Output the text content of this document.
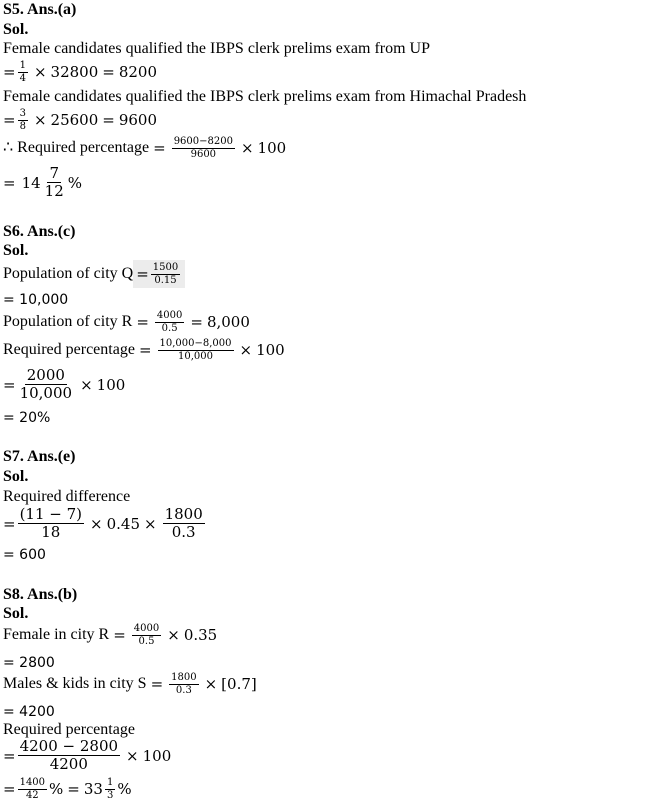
S5. Ans.(a)
Sol.
Female candidates qualified the IBPS clerk prelims exam from UP
= $\frac{1}{4} \times 32800 = 8200$
Female candidates qualified the IBPS clerk prelims exam from Himachal Pradesh
= $\frac{3}{8} \times 25600 = 9600$
∴ Required percentage = $\frac{9600-8200}{9600} \times 100$
= $14 \frac{7}{12}$ %
S6. Ans.(c)
Sol.
Population of city $Q = \frac{1500}{0.15}$
= 10,000
Population of city $R = \frac{4000}{0.5} = 8,000$
Required percentage = $\frac{10,000-8,000}{10,000} \times 100$
= $\frac{2000}{10,000} \times 100$
= 20%
S7. Ans.(e)
Sol.
Required difference
= $\frac{(11 - 7)}{18} \times 0.45 \times \frac{1800}{0.3}$
= 600
S8. Ans.(b)
Sol.
Female in city $R = \frac{4000}{0.5} \times 0.35$
= 2800
Males & kids in city $S = \frac{1800}{0.3} \times [0.7]$
= 4200
Required percentage
= $\frac{4200 - 2800}{4200} \times 100$
= $\frac{1400}{42}$ % = $33 \frac{1}{3}$ %
